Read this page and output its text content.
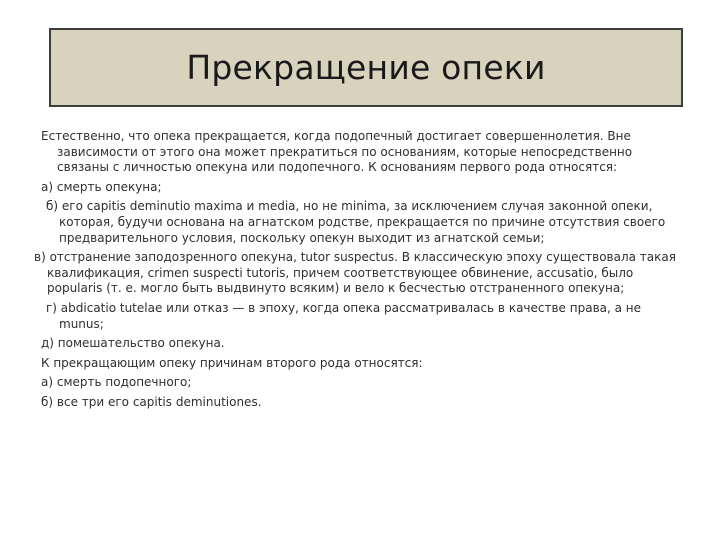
Прекращение опеки

Естественно, что опека прекращается, когда подопечный достигает совершеннолетия. Вне зависимости от этого она может прекратиться по основаниям, которые непосредственно связаны с личностью опекуна или подопечного. К основаниям первого рода относятся:

а) смерть опекуна;

б) его capitis deminutio maxima и media, но не minima, за исключением случая законной опеки, которая, будучи основана на агнатском родстве, прекращается по причине отсутствия своего предварительного условия, поскольку опекун выходит из агнатской семьи;

в) отстранение заподозренного опекуна, tutor suspectus. В классическую эпоху существовала такая квалификация, crimen suspecti tutoris, причем соответствующее обвинение, accusatio, было popularis (т. е. могло быть выдвинуто всяким) и вело к бесчестью отстраненного опекуна;

г) abdicatio tutelae или отказ — в эпоху, когда опека рассматривалась в качестве права, а не munus;

д) помешательство опекуна.

К прекращающим опеку причинам второго рода относятся:

а) смерть подопечного;

б) все три его capitis deminutiones.
